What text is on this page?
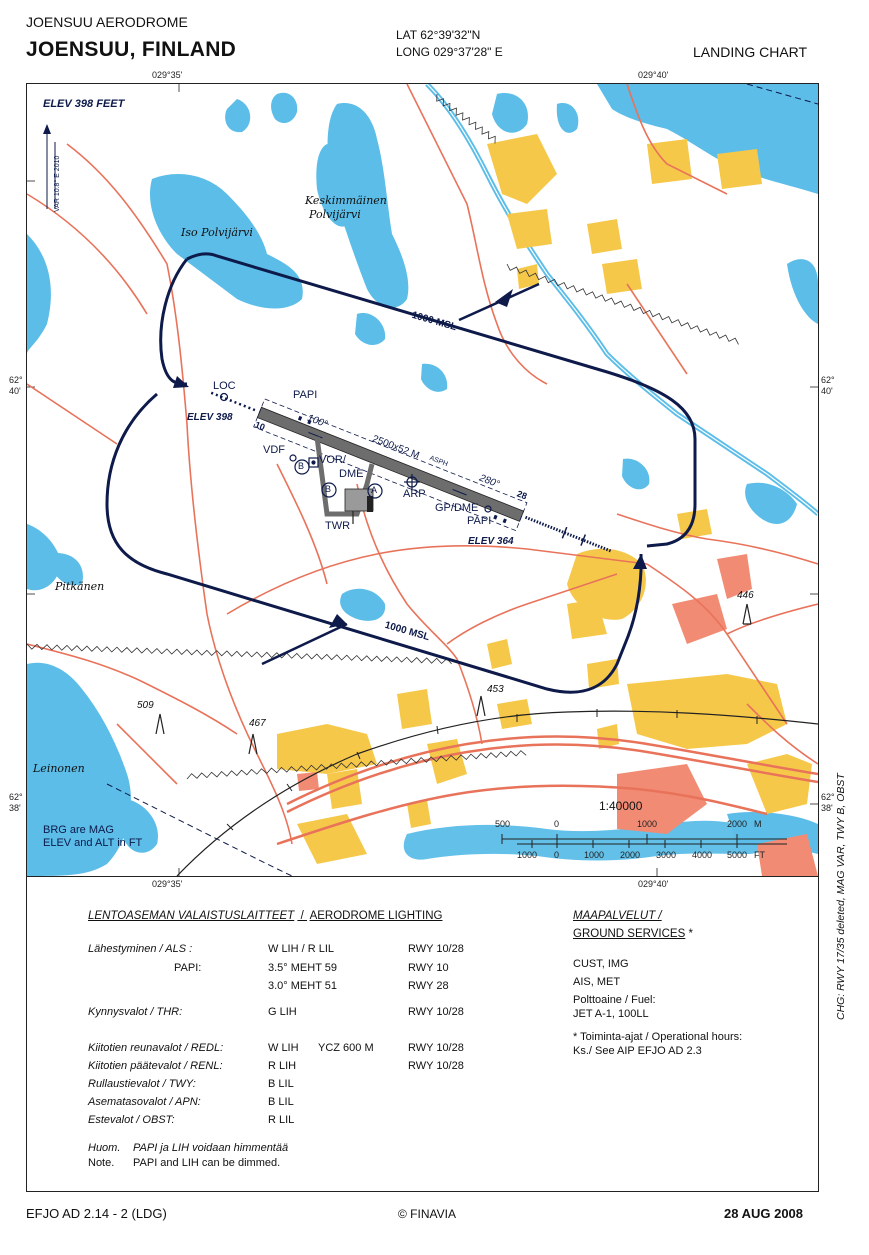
JOENSUU AERODROME
JOENSUU, FINLAND
LAT 62°39'32"N
LONG 029°37'28" E	LANDING CHART
029°35'	029°40'
029°35'	029°40'
62°
40'
62°
40'
62°
38'
62°
38'
ELEV 398 FEET
VAR 10.8° E 2010
Iso Polvijärvi
Keskimmäinen
Polvijärvi
Pitkänen
Leinonen
1000 MSL
1000 MSL
LOC
PAPI
ELEV 398
10
28
100°
280°
2500x52 M ASPH
VDF
VOR/
DME
ARP
TWR
GP/DME
PAPI
ELEV 364
A
B
B
446
453
467
509
BRG are MAG
ELEV and ALT in FT
1:40000
500	0	1000	2000 M
1000 0	1000 2000 3000 4000 5000 FT
LENTOASEMAN VALAISTUSLAITTEET  /  AERODROME LIGHTING
Lähestyminen / ALS :	W LIH / R LIL	RWY 10/28
PAPI:	3.5° MEHT 59	RWY 10
3.0° MEHT 51	RWY 28
Kynnysvalot / THR:	G LIH	RWY 10/28
Kiitotien reunavalot / REDL:	W LIH YCZ 600 M	RWY 10/28
Kiitotien päätevalot / RENL:	R LIH	RWY 10/28
Rullaustievalot / TWY:	B LIL
Asematasovalot / APN:	B LIL
Estevalot / OBST:	R LIL
Huom. PAPI ja LIH voidaan himmentää
Note. PAPI and LIH can be dimmed.
MAAPALVELUT /
GROUND SERVICES *
CUST, IMG
AIS, MET
Polttoaine / Fuel:
JET A-1, 100LL
* Toiminta-ajat / Operational hours:
Ks./ See AIP EFJO AD 2.3
CHG: RWY 17/35 deleted, MAG VAR, TWY B, OBST
EFJO AD 2.14 - 2 (LDG)	© FINAVIA	28 AUG 2008
